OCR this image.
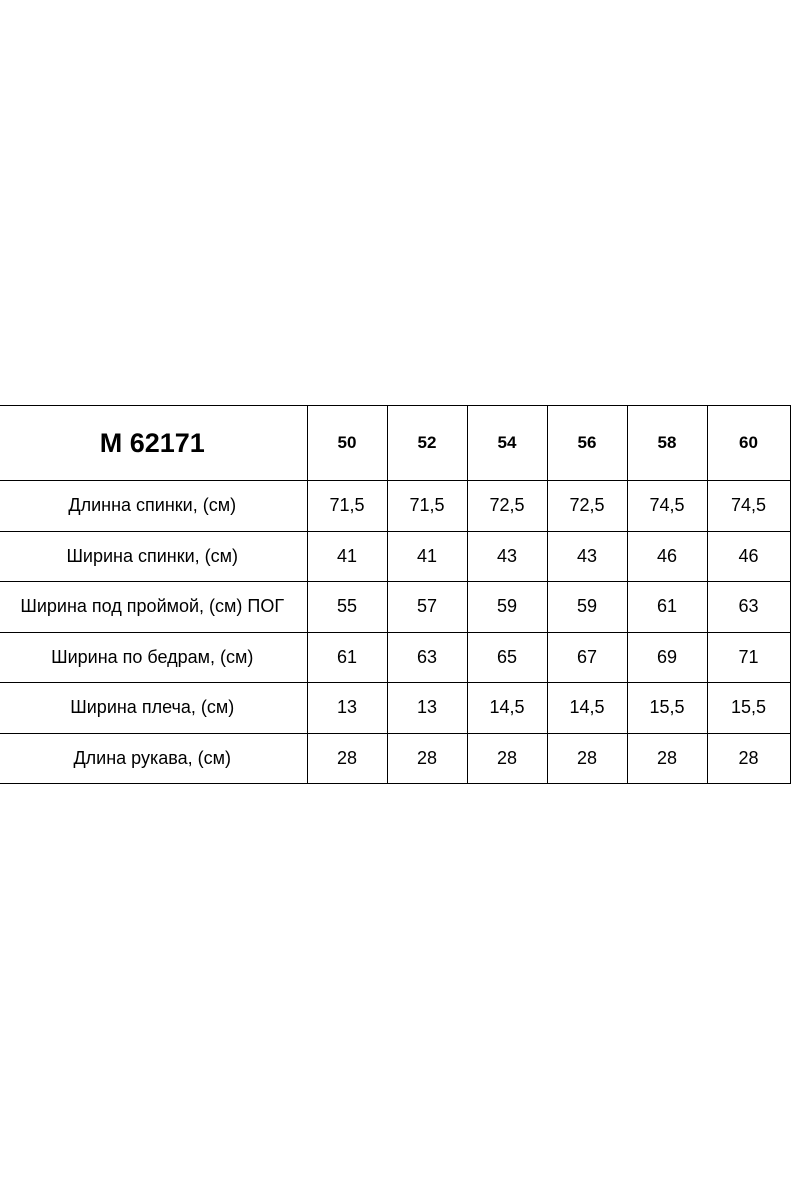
М 62171	50	52	54	56	58	60
Длинна спинки, (см)	71,5	71,5	72,5	72,5	74,5	74,5
Ширина спинки, (см)	41	41	43	43	46	46
Ширина под проймой, (см) ПОГ	55	57	59	59	61	63
Ширина по бедрам, (см)	61	63	65	67	69	71
Ширина плеча, (см)	13	13	14,5	14,5	15,5	15,5
Длина рукава, (см)	28	28	28	28	28	28
